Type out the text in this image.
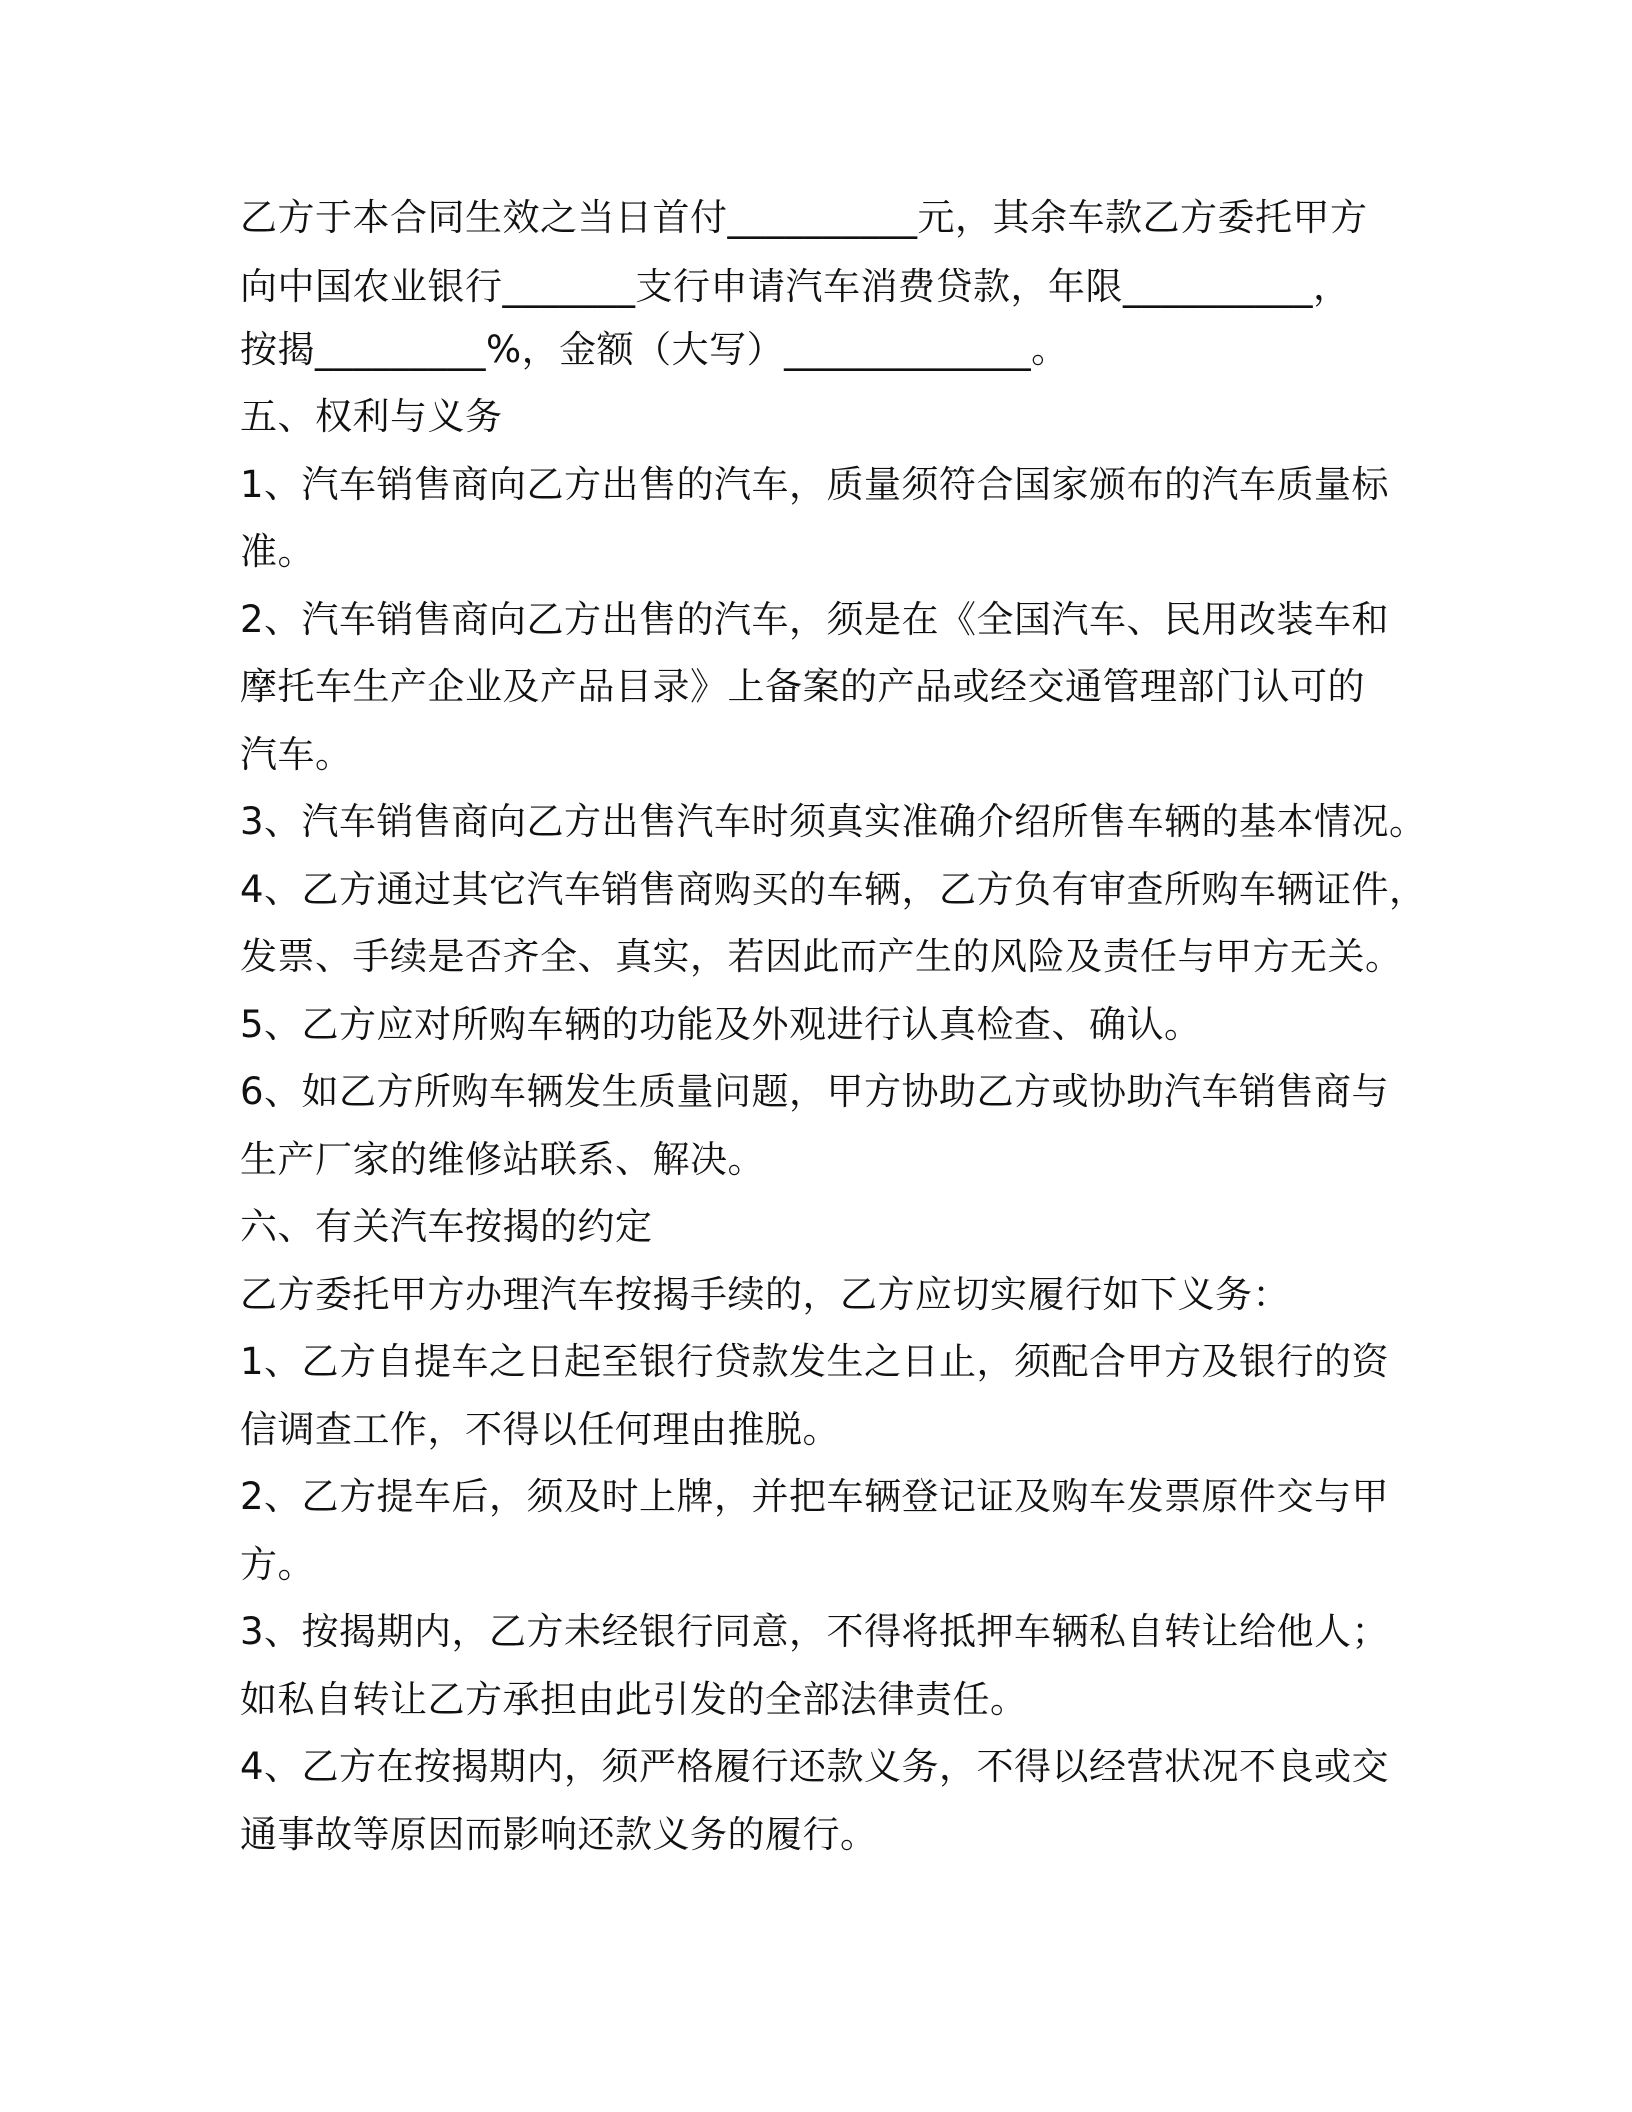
乙方于本合同生效之当日首付__________元，其余车款乙方委托甲方
向中国农业银行_______支行申请汽车消费贷款，年限__________，
按揭_________%，金额（大写）_____________。
五、权利与义务
1、汽车销售商向乙方出售的汽车，质量须符合国家颁布的汽车质量标
准。
2、汽车销售商向乙方出售的汽车，须是在《全国汽车、民用改装车和
摩托车生产企业及产品目录》上备案的产品或经交通管理部门认可的
汽车。
3、汽车销售商向乙方出售汽车时须真实准确介绍所售车辆的基本情况。
4、乙方通过其它汽车销售商购买的车辆，乙方负有审查所购车辆证件，
发票、手续是否齐全、真实，若因此而产生的风险及责任与甲方无关。
5、乙方应对所购车辆的功能及外观进行认真检查、确认。
6、如乙方所购车辆发生质量问题，甲方协助乙方或协助汽车销售商与
生产厂家的维修站联系、解决。
六、有关汽车按揭的约定
乙方委托甲方办理汽车按揭手续的，乙方应切实履行如下义务：
1、乙方自提车之日起至银行贷款发生之日止，须配合甲方及银行的资
信调查工作，不得以任何理由推脱。
2、乙方提车后，须及时上牌，并把车辆登记证及购车发票原件交与甲
方。
3、按揭期内，乙方未经银行同意，不得将抵押车辆私自转让给他人；
如私自转让乙方承担由此引发的全部法律责任。
4、乙方在按揭期内，须严格履行还款义务，不得以经营状况不良或交
通事故等原因而影响还款义务的履行。
